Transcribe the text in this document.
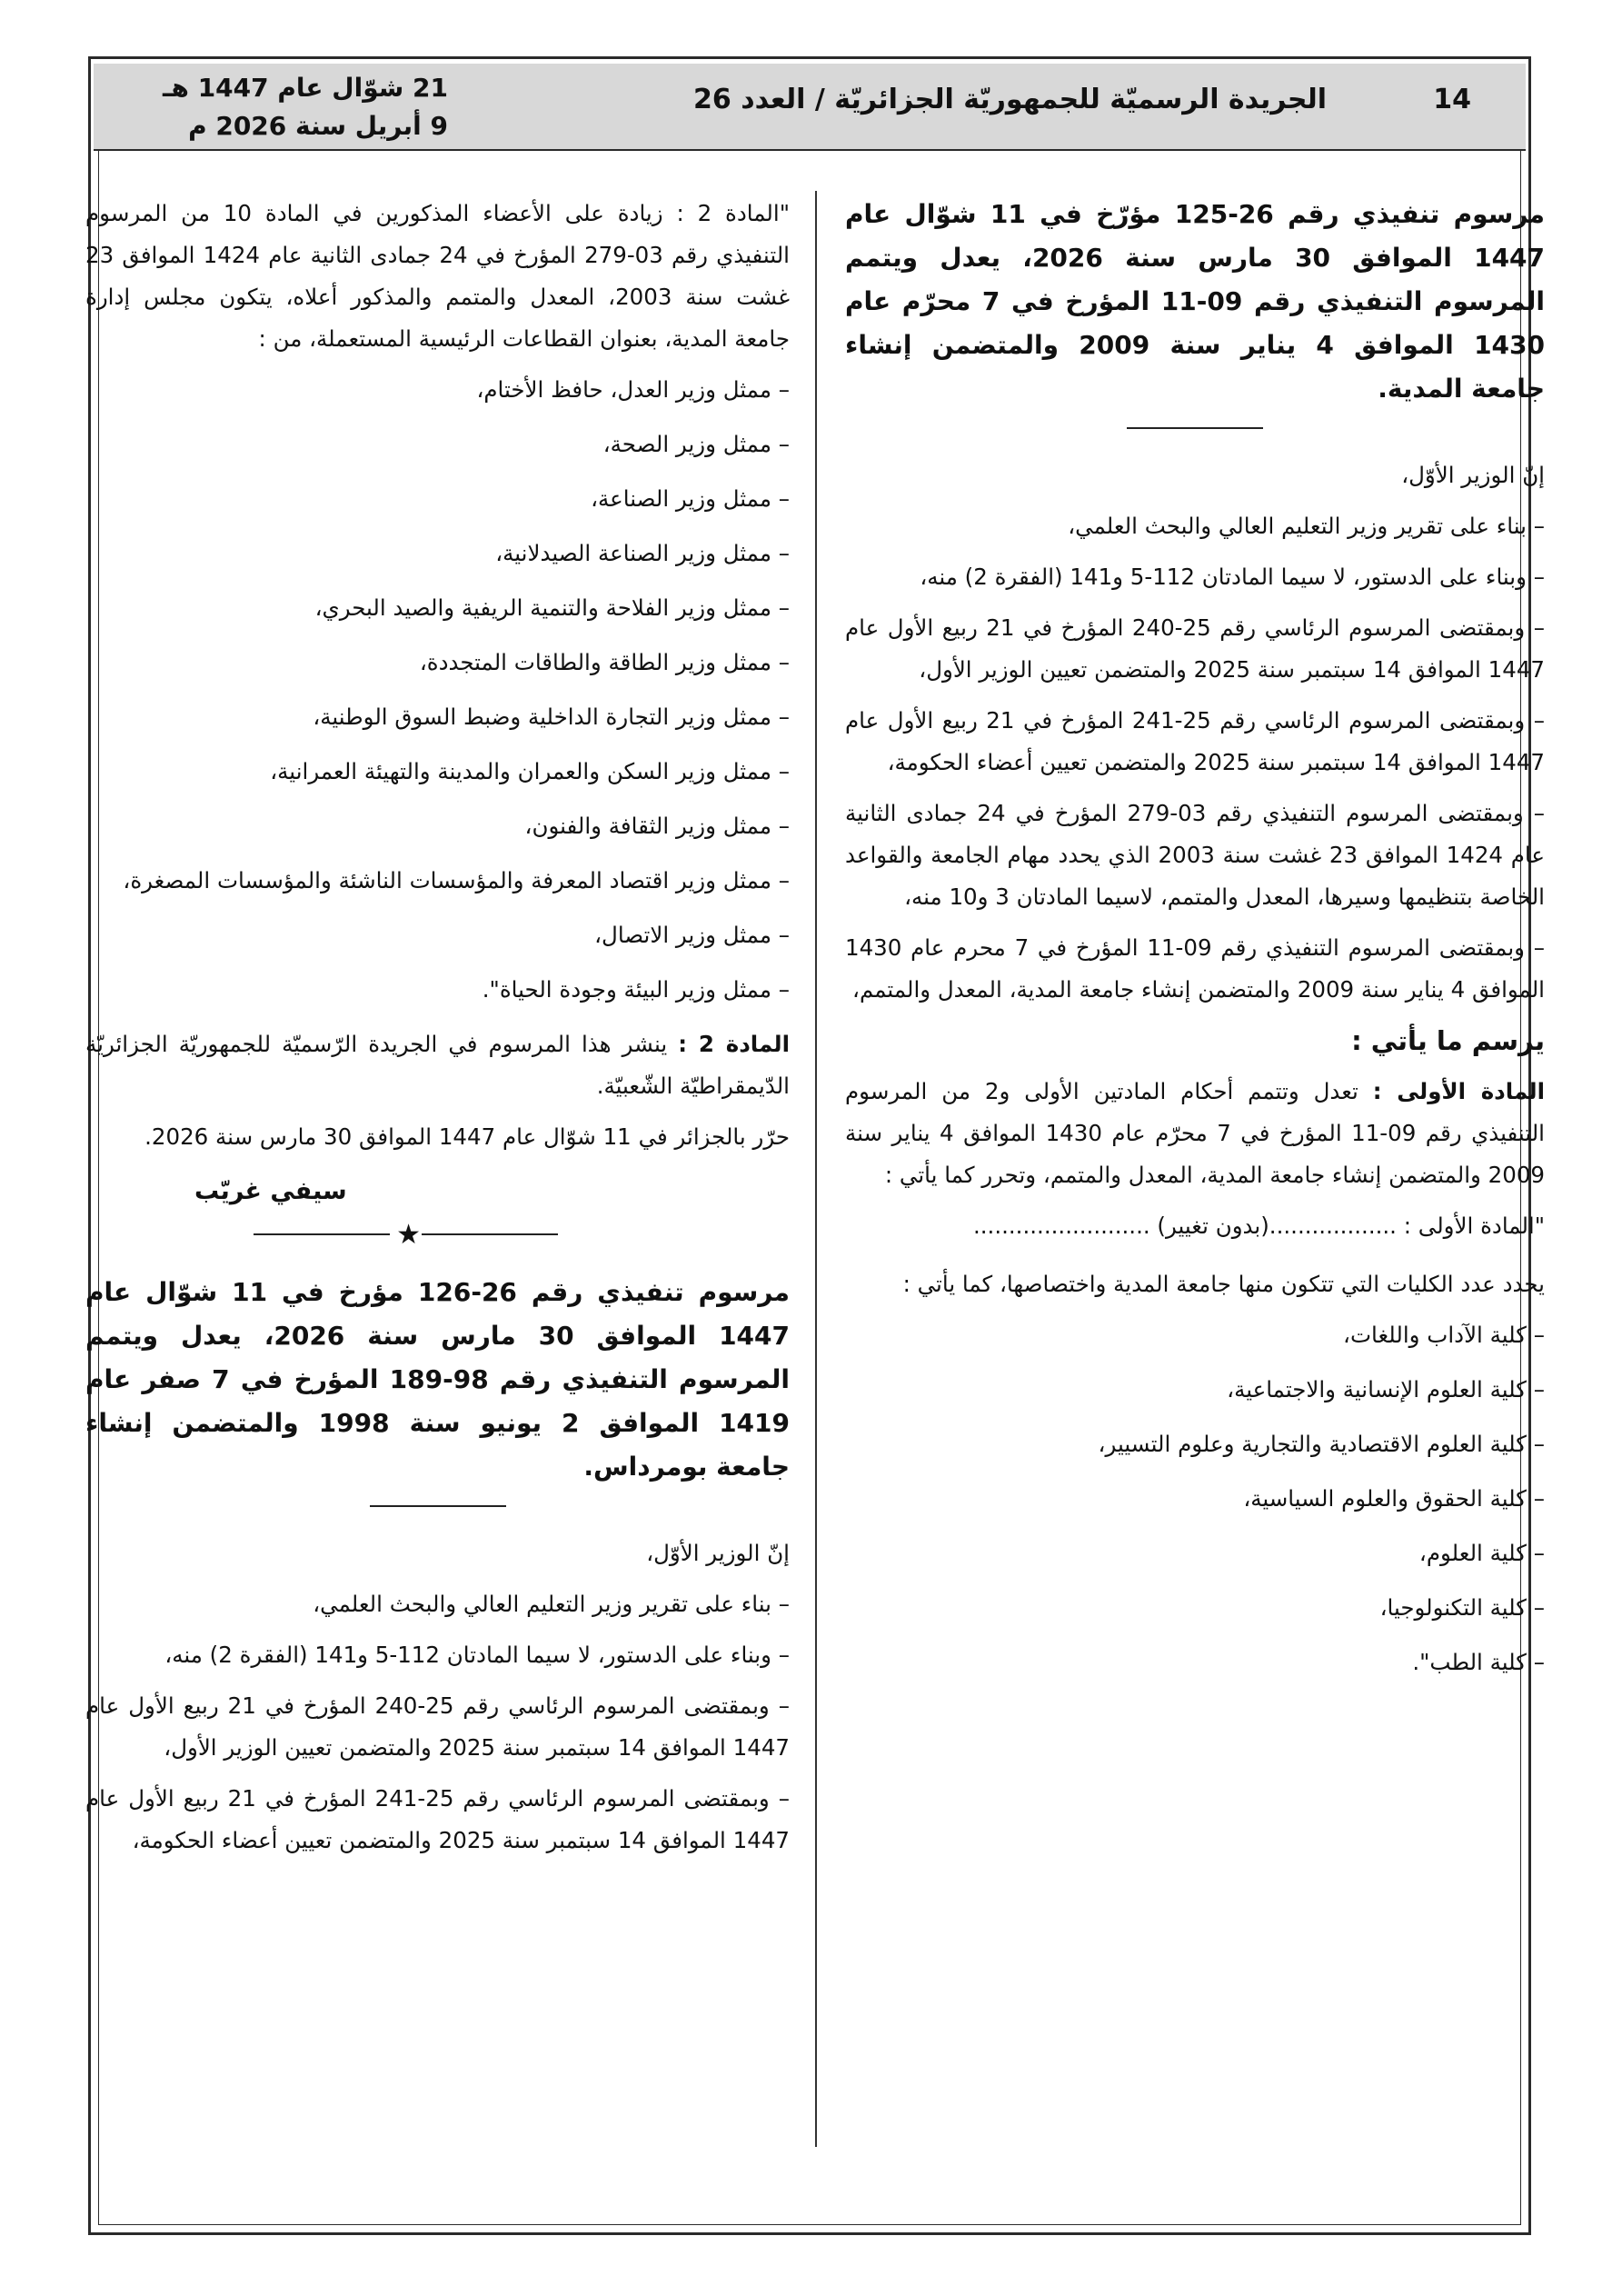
14
الجريدة الرسميّة للجمهوريّة الجزائريّة / العدد 26
21 شوّال عام 1447 هـ
9 أبريل سنة 2026 م
مرسوم تنفيذي رقم 26-125 مؤرّخ في 11 شوّال عام 1447 الموافق 30 مارس سنة 2026، يعدل ويتمم المرسوم التنفيذي رقم 09-11 المؤرخ في 7 محرّم عام 1430 الموافق 4 يناير سنة 2009 والمتضمن إنشاء جامعة المدية.
إنّ الوزير الأوّل،
– بناء على تقرير وزير التعليم العالي والبحث العلمي،
– وبناء على الدستور، لا سيما المادتان 112-5 و141 (الفقرة 2) منه،
– وبمقتضى المرسوم الرئاسي رقم 25-240 المؤرخ في 21 ربيع الأول عام 1447 الموافق 14 سبتمبر سنة 2025 والمتضمن تعيين الوزير الأول،
– وبمقتضى المرسوم الرئاسي رقم 25-241 المؤرخ في 21 ربيع الأول عام 1447 الموافق 14 سبتمبر سنة 2025 والمتضمن تعيين أعضاء الحكومة،
– وبمقتضى المرسوم التنفيذي رقم 03-279 المؤرخ في 24 جمادى الثانية عام 1424 الموافق 23 غشت سنة 2003 الذي يحدد مهام الجامعة والقواعد الخاصة بتنظيمها وسيرها، المعدل والمتمم، لاسيما المادتان 3 و10 منه،
– وبمقتضى المرسوم التنفيذي رقم 09-11 المؤرخ في 7 محرم عام 1430 الموافق 4 يناير سنة 2009 والمتضمن إنشاء جامعة المدية، المعدل والمتمم،
يرسم ما يأتي :
المادة الأولى : تعدل وتتمم أحكام المادتين الأولى و2 من المرسوم التنفيذي رقم 09-11 المؤرخ في 7 محرّم عام 1430 الموافق 4 يناير سنة 2009 والمتضمن إنشاء جامعة المدية، المعدل والمتمم، وتحرر كما يأتي :
"المادة الأولى : ..................(بدون تغيير) .........................
يحدد عدد الكليات التي تتكون منها جامعة المدية واختصاصها، كما يأتي :
– كلية الآداب واللغات،
– كلية العلوم الإنسانية والاجتماعية،
– كلية العلوم الاقتصادية والتجارية وعلوم التسيير،
– كلية الحقوق والعلوم السياسية،
– كلية العلوم،
– كلية التكنولوجيا،
– كلية الطب".
"المادة 2 : زيادة على الأعضاء المذكورين في المادة 10 من المرسوم التنفيذي رقم 03-279 المؤرخ في 24 جمادى الثانية عام 1424 الموافق 23 غشت سنة 2003، المعدل والمتمم والمذكور أعلاه، يتكون مجلس إدارة جامعة المدية، بعنوان القطاعات الرئيسية المستعملة، من :
– ممثل وزير العدل، حافظ الأختام،
– ممثل وزير الصحة،
– ممثل وزير الصناعة،
– ممثل وزير الصناعة الصيدلانية،
– ممثل وزير الفلاحة والتنمية الريفية والصيد البحري،
– ممثل وزير الطاقة والطاقات المتجددة،
– ممثل وزير التجارة الداخلية وضبط السوق الوطنية،
– ممثل وزير السكن والعمران والمدينة والتهيئة العمرانية،
– ممثل وزير الثقافة والفنون،
– ممثل وزير اقتصاد المعرفة والمؤسسات الناشئة والمؤسسات المصغرة،
– ممثل وزير الاتصال،
– ممثل وزير البيئة وجودة الحياة".
المادة 2 : ينشر هذا المرسوم في الجريدة الرّسميّة للجمهوريّة الجزائريّة الدّيمقراطيّة الشّعبيّة.
حرّر بالجزائر في 11 شوّال عام 1447 الموافق 30 مارس سنة 2026.
سيفي غريّب
★
مرسوم تنفيذي رقم 26-126 مؤرخ في 11 شوّال عام 1447 الموافق 30 مارس سنة 2026، يعدل ويتمم المرسوم التنفيذي رقم 98-189 المؤرخ في 7 صفر عام 1419 الموافق 2 يونيو سنة 1998 والمتضمن إنشاء جامعة بومرداس.
إنّ الوزير الأوّل،
– بناء على تقرير وزير التعليم العالي والبحث العلمي،
– وبناء على الدستور، لا سيما المادتان 112-5 و141 (الفقرة 2) منه،
– وبمقتضى المرسوم الرئاسي رقم 25-240 المؤرخ في 21 ربيع الأول عام 1447 الموافق 14 سبتمبر سنة 2025 والمتضمن تعيين الوزير الأول،
– وبمقتضى المرسوم الرئاسي رقم 25-241 المؤرخ في 21 ربيع الأول عام 1447 الموافق 14 سبتمبر سنة 2025 والمتضمن تعيين أعضاء الحكومة،
